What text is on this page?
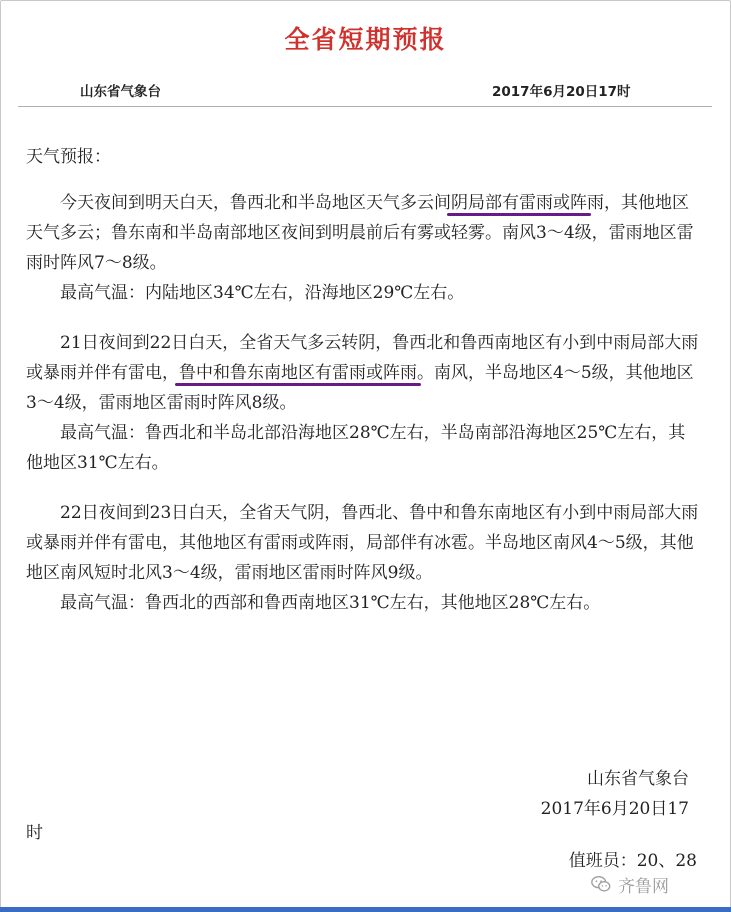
全省短期预报
山东省气象台	2017年6月20日17时

天气预报：

今天夜间到明天白天，鲁西北和半岛地区天气多云间阴局部有雷雨或阵雨，其他地区天气多云；鲁东南和半岛南部地区夜间到明晨前后有雾或轻雾。南风3～4级，雷雨地区雷雨时阵风7～8级。

最高气温：内陆地区34℃左右，沿海地区29℃左右。

21日夜间到22日白天，全省天气多云转阴，鲁西北和鲁西南地区有小到中雨局部大雨或暴雨并伴有雷电，鲁中和鲁东南地区有雷雨或阵雨。南风，半岛地区4～5级，其他地区3～4级，雷雨地区雷雨时阵风8级。

最高气温：鲁西北和半岛北部沿海地区28℃左右，半岛南部沿海地区25℃左右，其他地区31℃左右。

22日夜间到23日白天，全省天气阴，鲁西北、鲁中和鲁东南地区有小到中雨局部大雨或暴雨并伴有雷电，其他地区有雷雨或阵雨，局部伴有冰雹。半岛地区南风4～5级，其他地区南风短时北风3～4级，雷雨地区雷雨时阵风9级。

最高气温：鲁西北的西部和鲁西南地区31℃左右，其他地区28℃左右。

山东省气象台
2017年6月20日17
时
值班员：20、28
齐鲁网
